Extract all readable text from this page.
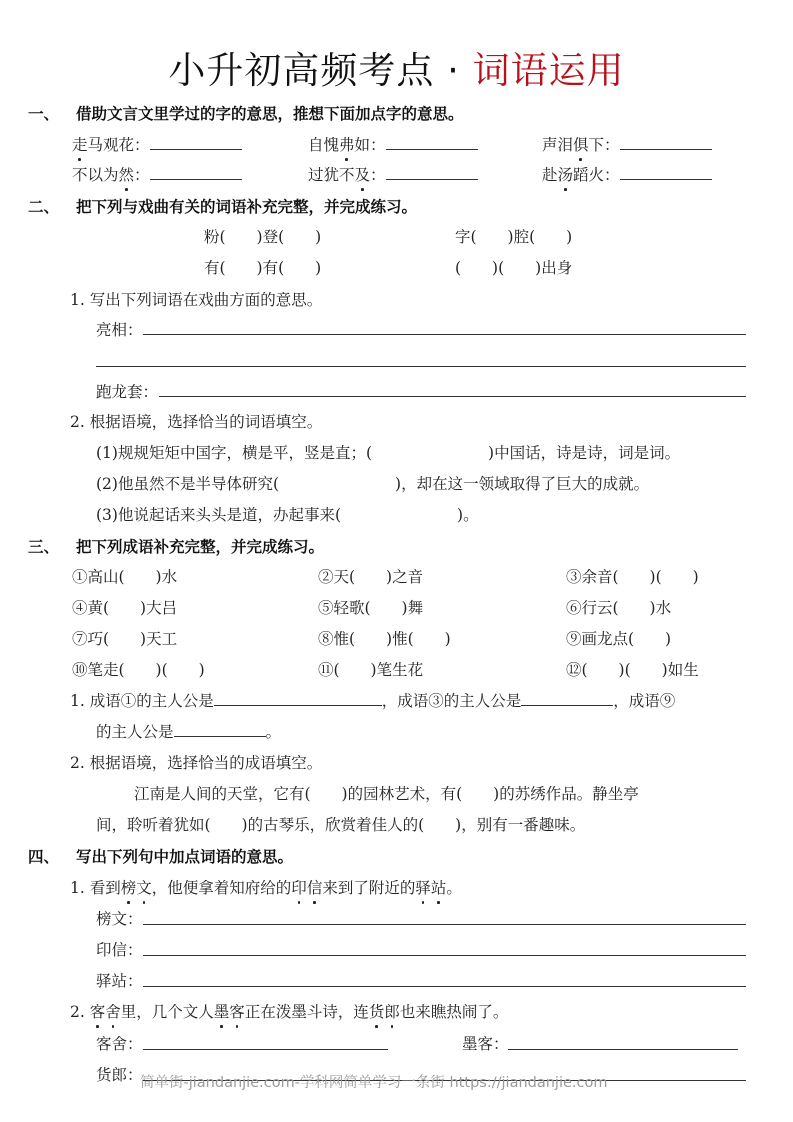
小升初高频考点 · 词语运用
一、 借助文言文里学过的字的意思，推想下面加点字的意思。
走马观花：	自愧弗如：	声泪俱下：
不以为然：	过犹不及：	赴汤蹈火：
二、 把下列与戏曲有关的词语补充完整，并完成练习。
粉(　　)登(　　)	字(　　)腔(　　)
有(　　)有(　　)	(　　)(　　)出身
1. 写出下列词语在戏曲方面的意思。
亮相：
跑龙套：
2. 根据语境，选择恰当的词语填空。
(1)规规矩矩中国字，横是平，竖是直；(	)中国话，诗是诗，词是词。
(2)他虽然不是半导体研究(	)，却在这一领域取得了巨大的成就。
(3)他说起话来头头是道，办起事来(	)。
三、 把下列成语补充完整，并完成练习。
①高山(　　)水	②天(　　)之音	③余音(　　)(　　)
④黄(　　)大吕	⑤轻歌(　　)舞	⑥行云(　　)水
⑦巧(　　)天工	⑧惟(　　)惟(　　)	⑨画龙点(　　)
⑩笔走(　　)(　　)	⑪(　　)笔生花	⑫(　　)(　　)如生
1. 成语①的主人公是	，成语③的主人公是	，成语⑨
的主人公是	。
2. 根据语境，选择恰当的成语填空。
江南是人间的天堂，它有(　　)的园林艺术，有(　　)的苏绣作品。静坐亭
间，聆听着犹如(　　)的古琴乐，欣赏着佳人的(　　)，别有一番趣味。
四、 写出下列句中加点词语的意思。
1. 看到榜文，他便拿着知府给的印信来到了附近的驿站。
榜文：
印信：
驿站：
2. 客舍里，几个文人墨客正在泼墨斗诗，连货郎也来瞧热闹了。
客舍：	墨客：
货郎：
简单街-jiandanjie.com-学科网简单学习一条街 https://jiandanjie.com
